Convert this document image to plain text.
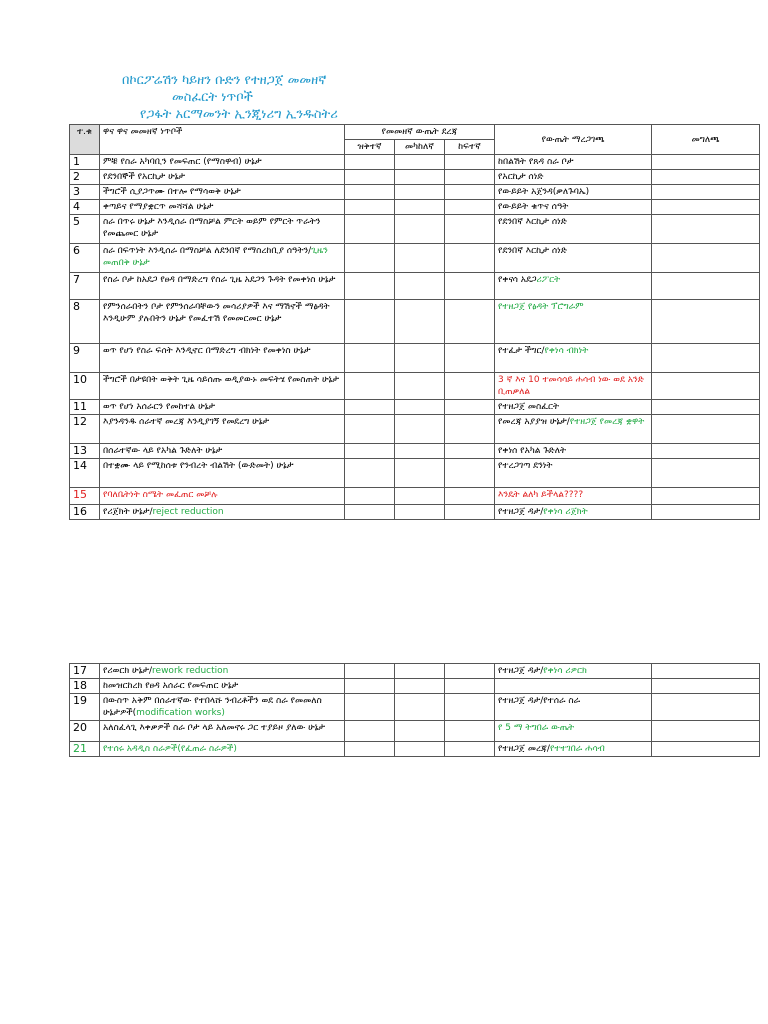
በኮርፖሬሽን ካይዘን ቡድን የተዘጋጀ መመዘኛ
መስፈርት ነጥቦች
የጋፋት አርማመንት ኢንጂነሪግ ኢንዱስትሪ
ተ.ቁ	ዋና ዋና መመዘኛ ነጥቦች	የመመዘኛ ውጤት ደረጃ			የውጤት ማረጋገጫ	መግለጫ
		ዝቅተኛ	መካከለኛ	ከፍተኛ		
1	ምቹ የስራ አካባቢን የመፍጠር (የማስዋብ) ሁኔታ				ከበልሽት የጸዳ ስራ ቦታ	
2	የደንበኞች የአርኪታ ሁኔታ				የአርኪታ ሰነድ	
3	ችግሮች ሲያጋጥሙ በተሎ የማሳወቅ ሁኔታ				የውይይት አጀንዳ(ቃለጉባኤ)	
4	ቀጣይና የማያቋርጥ መሻሻል ሁኔታ				የውይይት ቁጥና ሰዓት	
5	ስራ በጥሩ ሁኔታ እንዲሰራ በማስቻል ምርት ወይም የምርት ጥራትን የመጨመር ሁኔታ				የደንበኛ እርኪታ ሰነድ	
6	ስራ በፍጥነት እንዲሰራ በማስቻል ለደንበኛ የማስረከቢያ ሰዓትን/ጊዜን መጠበቅ ሁኔታ				የደንበኛ እርኪታ ሰነድ	
7	የስራ ቦታ ከአደጋ የፀዳ በማድረግ የስራ ጊዜ አደጋን ጉዳት የመቀነስ ሁኔታ				የቀናሳ አደጋሪፖርት	
8	የምንሰራበትን ቦታ የምንሰራባቸውን መሳሪያዎች እና ማሽኖች ማፅዳት እንዲሁም ያሉበትን ሁኔታ የመፈተሽ የመመርመር ሁኔታ				የተዘጋጀ የፅዳት ፕሮግራም	
9	ወጥ የሆነ የስራ ፍሰት እንዲኖር በማድረግ ብክነት የመቀነስ ሁኔታ				የተፈታ ችግር/የቀነሳ ብክነት	
10	ችግሮች በታዩበት ወቅት ጊዜ ሳይሰጡ ወዲያውኑ መፍትሄ የመስጠት ሁኔታ				3 ኛ እና 10 ተመሳሳይ ሐሳብ ነው ወደ አንድ ቢጠቃለል	
11	ወጥ የሆነ አሰራርን የመከተል ሁኔታ				የተዘጋጀ መስፈርት	
12	እያንዳንዱ ሰራተኛ መረጃ እንዲያገኝ የመደረግ ሁኔታ				የመረጃ አያያዝ ሁኔታ/የተዘጋጀ የመረጃ ቋዋት	
13	በሰራተኛው ላይ የአካል ጉድለት ሁኔታ				የቀነሰ የአካል ጉድለት	
14	በተቋሙ ላይ የሚከሰቱ የንብረት ብልሽት (ውድመት) ሁኔታ				የተረጋገጣ ደንነት	
15	የባለቤትነት ስሜት መፈጠር መቻሉ				እንዴት ልለካ ይችላል????	
16	የሪጀክት ሁኔታ/reject reduction				የተዘጋጀ ዳታ/የቀነሳ ሪጀክት	
17	የሪወርክ ሁኔታ/rework reduction				የተዘጋጀ ዳታ/የቀነሳ ሪዎርክ	
18	ከመዝርከረክ የፀዳ አሰራር የመፍጠር ሁኔታ					
19	በውስጥ አቅም በሰራተኛው የተበላሹ ንብረቶችን ወደ ስራ የመመለስ ሁኔታዎች(modification works)				የተዘጋጀ ዳታ/የተሰራ ስራ	
20	አለስፈላጊ እቀቃዎች ስራ ቦታ ላይ አለመኖሩ ጋር ተያይዞ ያለው ሁኔታ				የ 5 ማ ትግበራ ውጤት	
21	የተሰሩ አዳዲስ ስራዎች(የፈጠራ ስራዎች)				የተዘጋጀ መረጃ/የተተገበራ ሐሳብ	
